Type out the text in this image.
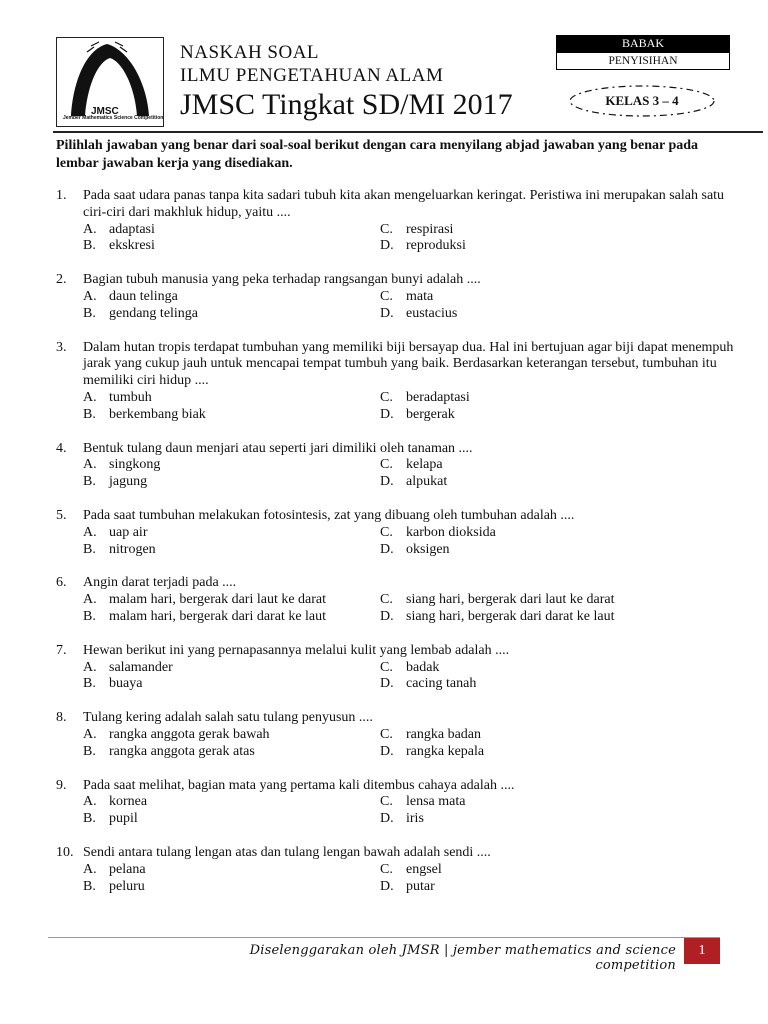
JMSC
Jember Mathematics Science Competition
NASKAH SOAL
ILMU PENGETAHUAN ALAM
JMSC Tingkat SD/MI 2017
BABAK
PENYISIHAN
KELAS 3 – 4
Pilihlah jawaban yang benar dari soal-soal berikut dengan cara menyilang abjad jawaban yang benar pada lembar jawaban kerja yang disediakan.
1.	Pada saat udara panas tanpa kita sadari tubuh kita akan mengeluarkan keringat. Peristiwa ini merupakan salah satu ciri-ciri dari makhluk hidup, yaitu ....
A. adaptasi	C. respirasi
B. ekskresi	D. reproduksi
2.	Bagian tubuh manusia yang peka terhadap rangsangan bunyi adalah ....
A. daun telinga	C. mata
B. gendang telinga	D. eustacius
3.	Dalam hutan tropis terdapat tumbuhan yang memiliki biji bersayap dua. Hal ini bertujuan agar biji dapat menempuh jarak yang cukup jauh untuk mencapai tempat tumbuh yang baik. Berdasarkan keterangan tersebut, tumbuhan itu memiliki ciri hidup ....
A. tumbuh	C. beradaptasi
B. berkembang biak	D. bergerak
4.	Bentuk tulang daun menjari atau seperti jari dimiliki oleh tanaman ....
A. singkong	C. kelapa
B. jagung	D. alpukat
5.	Pada saat tumbuhan melakukan fotosintesis, zat yang dibuang oleh tumbuhan adalah ....
A. uap air	C. karbon dioksida
B. nitrogen	D. oksigen
6.	Angin darat terjadi pada ....
A. malam hari, bergerak dari laut ke darat	C. siang hari, bergerak dari laut ke darat
B. malam hari, bergerak dari darat ke laut	D. siang hari, bergerak dari darat ke laut
7.	Hewan berikut ini yang pernapasannya melalui kulit yang lembab adalah ....
A. salamander	C. badak
B. buaya	D. cacing tanah
8.	Tulang kering adalah salah satu tulang penyusun ....
A. rangka anggota gerak bawah	C. rangka badan
B. rangka anggota gerak atas	D. rangka kepala
9.	Pada saat melihat, bagian mata yang pertama kali ditembus cahaya adalah ....
A. kornea	C. lensa mata
B. pupil	D. iris
10. Sendi antara tulang lengan atas dan tulang lengan bawah adalah sendi ....
A. pelana	C. engsel
B. peluru	D. putar
Diselenggarakan oleh JMSR | jember mathematics and science competition
1
